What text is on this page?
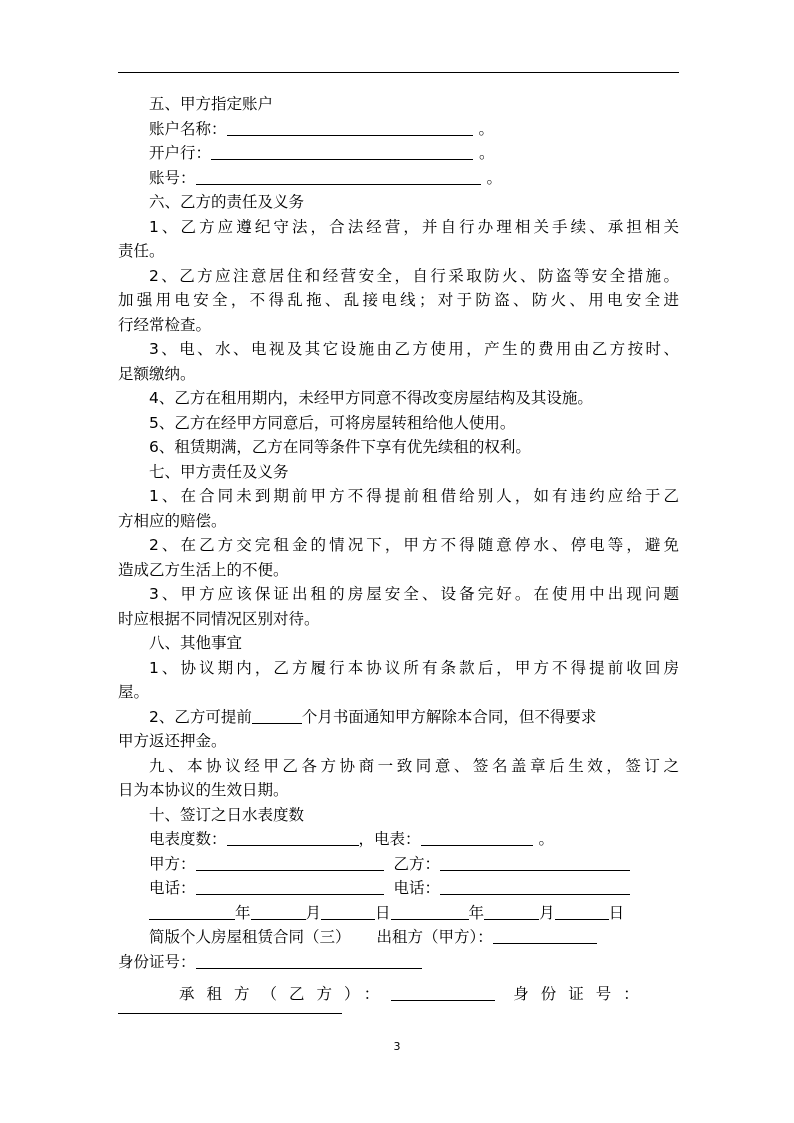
五、甲方指定账户
账户名称：	。
开户行：	。
账号：	。
六、乙方的责任及义务
1、乙方应遵纪守法，合法经营，并自行办理相关手续、承担相关
责任。
2、乙方应注意居住和经营安全，自行采取防火、防盗等安全措施。
加强用电安全，不得乱拖、乱接电线；对于防盗、防火、用电安全进
行经常检查。
3、电、水、电视及其它设施由乙方使用，产生的费用由乙方按时、
足额缴纳。
4、乙方在租用期内，未经甲方同意不得改变房屋结构及其设施。
5、乙方在经甲方同意后，可将房屋转租给他人使用。
6、租赁期满，乙方在同等条件下享有优先续租的权利。
七、甲方责任及义务
1、在合同未到期前甲方不得提前租借给别人，如有违约应给于乙
方相应的赔偿。
2、在乙方交完租金的情况下，甲方不得随意停水、停电等，避免
造成乙方生活上的不便。
3、甲方应该保证出租的房屋安全、设备完好。在使用中出现问题
时应根据不同情况区别对待。
八、其他事宜
1、协议期内，乙方履行本协议所有条款后，甲方不得提前收回房
屋。
2、乙方可提前	个月书面通知甲方解除本合同，但不得要求
甲方返还押金。
九、本协议经甲乙各方协商一致同意、签名盖章后生效，签订之
日为本协议的生效日期。
十、签订之日水表度数
电表度数：	，电表：	。
甲方：	乙方：
电话：	电话：
年	月	日	年	月	日
简版个人房屋租赁合同（三） 出租方（甲方）：
身份证号：
承租方（乙方）：	身份证号：
3
